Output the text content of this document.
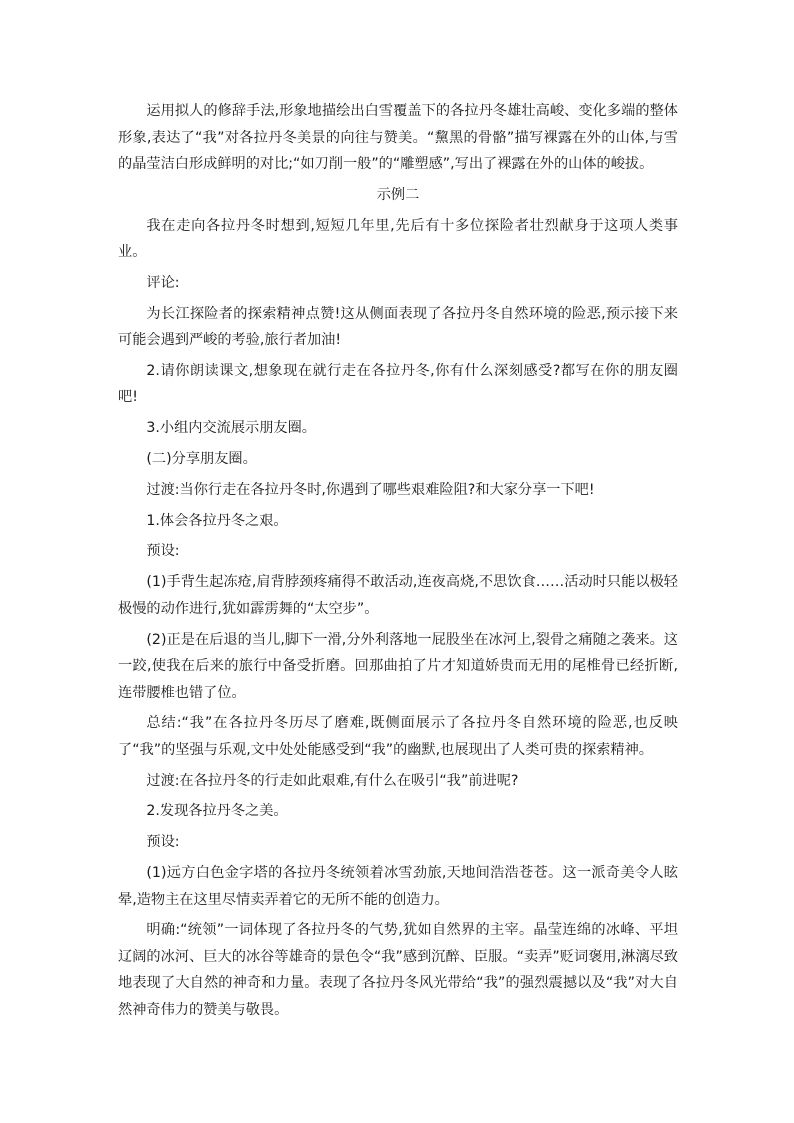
运用拟人的修辞手法,形象地描绘出白雪覆盖下的各拉丹冬雄壮高峻、变化多端的整体形象,表达了“我”对各拉丹冬美景的向往与赞美。“黧黑的骨骼”描写裸露在外的山体,与雪的晶莹洁白形成鲜明的对比;“如刀削一般”的“雕塑感”,写出了裸露在外的山体的峻拔。

示例二

我在走向各拉丹冬时想到,短短几年里,先后有十多位探险者壮烈献身于这项人类事业。

评论:

为长江探险者的探索精神点赞!这从侧面表现了各拉丹冬自然环境的险恶,预示接下来可能会遇到严峻的考验,旅行者加油!

2.请你朗读课文,想象现在就行走在各拉丹冬,你有什么深刻感受?都写在你的朋友圈吧!

3.小组内交流展示朋友圈。

(二)分享朋友圈。

过渡:当你行走在各拉丹冬时,你遇到了哪些艰难险阻?和大家分享一下吧!

1.体会各拉丹冬之艰。

预设:

(1)手背生起冻疮,肩背脖颈疼痛得不敢活动,连夜高烧,不思饮食……活动时只能以极轻极慢的动作进行,犹如霹雳舞的“太空步”。

(2)正是在后退的当儿,脚下一滑,分外利落地一屁股坐在冰河上,裂骨之痛随之袭来。这一跤,使我在后来的旅行中备受折磨。回那曲拍了片才知道娇贵而无用的尾椎骨已经折断,连带腰椎也错了位。

总结:“我”在各拉丹冬历尽了磨难,既侧面展示了各拉丹冬自然环境的险恶,也反映了“我”的坚强与乐观,文中处处能感受到“我”的幽默,也展现出了人类可贵的探索精神。

过渡:在各拉丹冬的行走如此艰难,有什么在吸引“我”前进呢?

2.发现各拉丹冬之美。

预设:

(1)远方白色金字塔的各拉丹冬统领着冰雪劲旅,天地间浩浩苍苍。这一派奇美令人眩晕,造物主在这里尽情卖弄着它的无所不能的创造力。

明确:“统领”一词体现了各拉丹冬的气势,犹如自然界的主宰。晶莹连绵的冰峰、平坦辽阔的冰河、巨大的冰谷等雄奇的景色令“我”感到沉醉、臣服。“卖弄”贬词褒用,淋漓尽致地表现了大自然的神奇和力量。表现了各拉丹冬风光带给“我”的强烈震撼以及“我”对大自然神奇伟力的赞美与敬畏。
